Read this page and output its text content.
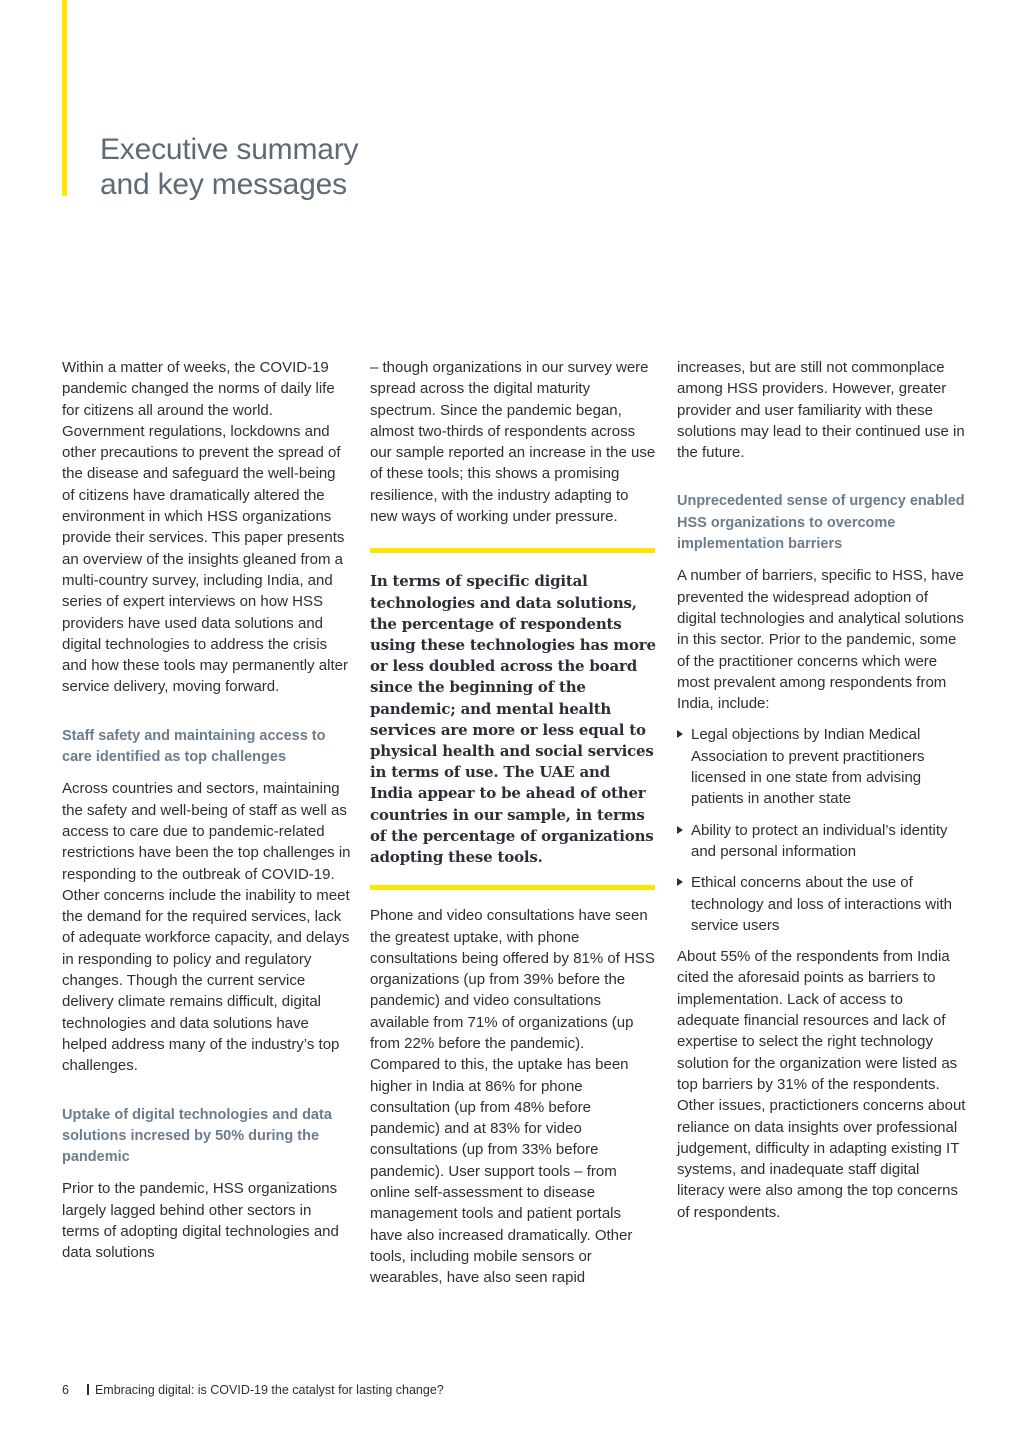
Executive summary
and key messages

Within a matter of weeks, the COVID-19 pandemic changed the norms of daily life for citizens all around the world. Government regulations, lockdowns and other precautions to prevent the spread of the disease and safeguard the well-being of citizens have dramatically altered the environment in which HSS organizations provide their services. This paper presents an overview of the insights gleaned from a multi-country survey, including India, and series of expert interviews on how HSS providers have used data solutions and digital technologies to address the crisis and how these tools may permanently alter service delivery, moving forward.

Staff safety and maintaining access to care identified as top challenges

Across countries and sectors, maintaining the safety and well-being of staff as well as access to care due to pandemic-related restrictions have been the top challenges in responding to the outbreak of COVID-19. Other concerns include the inability to meet the demand for the required services, lack of adequate workforce capacity, and delays in responding to policy and regulatory changes. Though the current service delivery climate remains difficult, digital technologies and data solutions have helped address many of the industry’s top challenges.

Uptake of digital technologies and data solutions incresed by 50% during the pandemic

Prior to the pandemic, HSS organizations largely lagged behind other sectors in terms of adopting digital technologies and data solutions

– though organizations in our survey were spread across the digital maturity spectrum. Since the pandemic began, almost two-thirds of respondents across our sample reported an increase in the use of these tools; this shows a promising resilience, with the industry adapting to new ways of working under pressure.

In terms of specific digital technologies and data solutions, the percentage of respondents using these technologies has more or less doubled across the board since the beginning of the pandemic; and mental health services are more or less equal to physical health and social services in terms of use. The UAE and India appear to be ahead of other countries in our sample, in terms of the percentage of organizations adopting these tools.

Phone and video consultations have seen the greatest uptake, with phone consultations being offered by 81% of HSS organizations (up from 39% before the pandemic) and video consultations available from 71% of organizations (up from 22% before the pandemic). Compared to this, the uptake has been higher in India at 86% for phone consultation (up from 48% before pandemic) and at 83% for video consultations (up from 33% before pandemic). User support tools – from online self-assessment to disease management tools and patient portals have also increased dramatically. Other tools, including mobile sensors or wearables, have also seen rapid

increases, but are still not commonplace among HSS providers. However, greater provider and user familiarity with these solutions may lead to their continued use in the future.

Unprecedented sense of urgency enabled HSS organizations to overcome implementation barriers

A number of barriers, specific to HSS, have prevented the widespread adoption of digital technologies and analytical solutions in this sector. Prior to the pandemic, some of the practitioner concerns which were most prevalent among respondents from India, include:

Legal objections by Indian Medical Association to prevent practitioners licensed in one state from advising patients in another state
Ability to protect an individual’s identity and personal information
Ethical concerns about the use of technology and loss of interactions with service users

About 55% of the respondents from India cited the aforesaid points as barriers to implementation. Lack of access to adequate financial resources and lack of expertise to select the right technology solution for the organization were listed as top barriers by 31% of the respondents. Other issues, practictioners concerns about reliance on data insights over professional judgement, difficulty in adapting existing IT systems, and inadequate staff digital literacy were also among the top concerns of respondents.

6 Embracing digital: is COVID-19 the catalyst for lasting change?
